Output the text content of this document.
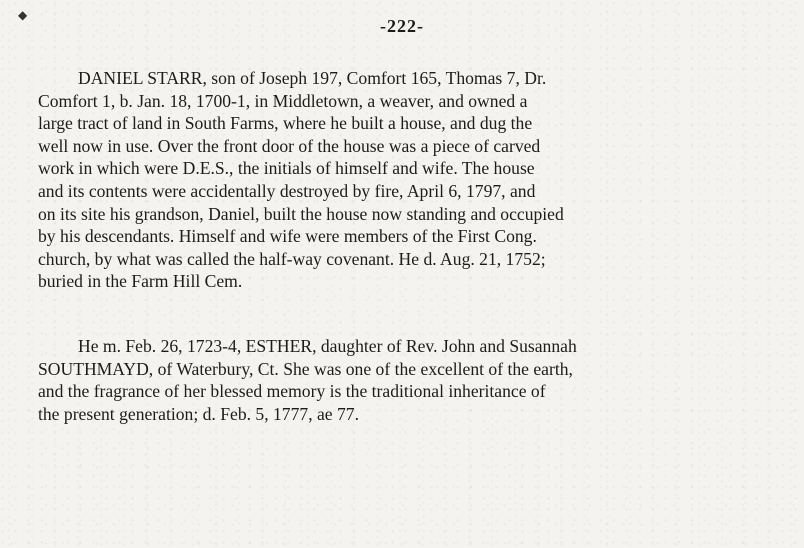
◆
-222-

DANIEL STARR, son of Joseph 197, Comfort 165, Thomas 7, Dr.
Comfort 1, b. Jan. 18, 1700-1, in Middletown, a weaver, and owned a
large tract of land in South Farms, where he built a house, and dug the
well now in use. Over the front door of the house was a piece of carved
work in which were D.E.S., the initials of himself and wife. The house
and its contents were accidentally destroyed by fire, April 6, 1797, and
on its site his grandson, Daniel, built the house now standing and occupied
by his descendants. Himself and wife were members of the First Cong.
church, by what was called the half-way covenant. He d. Aug. 21, 1752;
buried in the Farm Hill Cem.

He m. Feb. 26, 1723-4, ESTHER, daughter of Rev. John and Susannah
SOUTHMAYD, of Waterbury, Ct. She was one of the excellent of the earth,
and the fragrance of her blessed memory is the traditional inheritance of
the present generation; d. Feb. 5, 1777, ae 77.
